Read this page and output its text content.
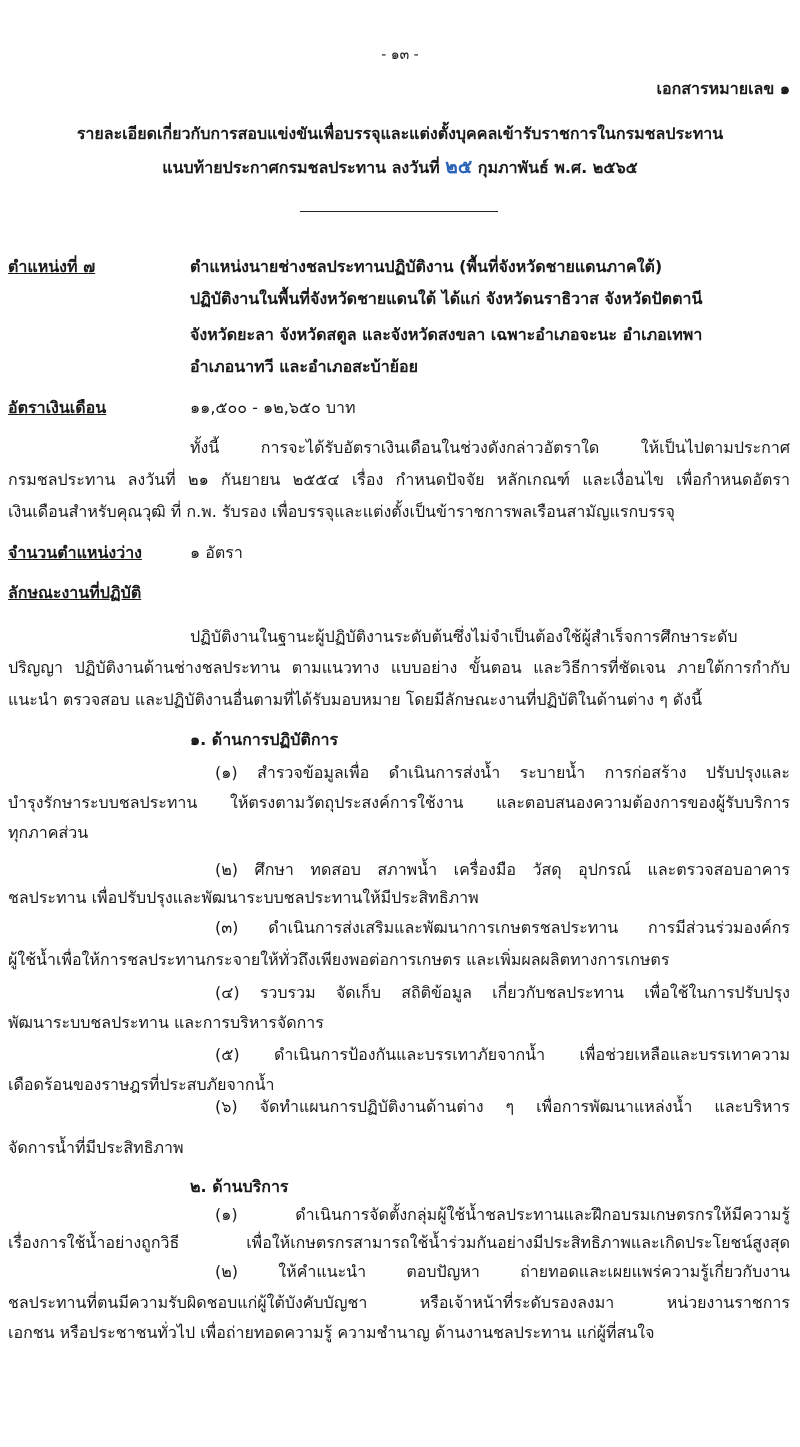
- ๑๓ -
เอกสารหมายเลข ๑
รายละเอียดเกี่ยวกับการสอบแข่งขันเพื่อบรรจุและแต่งตั้งบุคคลเข้ารับราชการในกรมชลประทาน
แนบท้ายประกาศกรมชลประทาน ลงวันที่ ๒๕ กุมภาพันธ์ พ.ศ. ๒๕๖๕
ตำแหน่งที่ ๗	ตำแหน่งนายช่างชลประทานปฏิบัติงาน (พื้นที่จังหวัดชายแดนภาคใต้)
ปฏิบัติงานในพื้นที่จังหวัดชายแดนใต้ ได้แก่ จังหวัดนราธิวาส จังหวัดปัตตานี
จังหวัดยะลา จังหวัดสตูล และจังหวัดสงขลา เฉพาะอำเภอจะนะ อำเภอเทพา
อำเภอนาทวี และอำเภอสะบ้าย้อย
อัตราเงินเดือน	๑๑,๕๐๐ - ๑๒,๖๕๐ บาท
ทั้งนี้ การจะได้รับอัตราเงินเดือนในช่วงดังกล่าวอัตราใด ให้เป็นไปตามประกาศ
กรมชลประทาน ลงวันที่ ๒๑ กันยายน ๒๕๕๔ เรื่อง กำหนดปัจจัย หลักเกณฑ์ และเงื่อนไข เพื่อกำหนดอัตรา
เงินเดือนสำหรับคุณวุฒิ ที่ ก.พ. รับรอง เพื่อบรรจุและแต่งตั้งเป็นข้าราชการพลเรือนสามัญแรกบรรจุ
จำนวนตำแหน่งว่าง	๑ อัตรา
ลักษณะงานที่ปฏิบัติ
ปฏิบัติงานในฐานะผู้ปฏิบัติงานระดับต้นซึ่งไม่จำเป็นต้องใช้ผู้สำเร็จการศึกษาระดับ
ปริญญา ปฏิบัติงานด้านช่างชลประทาน ตามแนวทาง แบบอย่าง ขั้นตอน และวิธีการที่ชัดเจน ภายใต้การกำกับ
แนะนำ ตรวจสอบ และปฏิบัติงานอื่นตามที่ได้รับมอบหมาย โดยมีลักษณะงานที่ปฏิบัติในด้านต่าง ๆ ดังนี้
๑. ด้านการปฏิบัติการ
(๑) สำรวจข้อมูลเพื่อ ดำเนินการส่งน้ำ ระบายน้ำ การก่อสร้าง ปรับปรุงและ
บำรุงรักษาระบบชลประทาน ให้ตรงตามวัตถุประสงค์การใช้งาน และตอบสนองความต้องการของผู้รับบริการ
ทุกภาคส่วน
(๒) ศึกษา ทดสอบ สภาพน้ำ เครื่องมือ วัสดุ อุปกรณ์ และตรวจสอบอาคาร
ชลประทาน เพื่อปรับปรุงและพัฒนาระบบชลประทานให้มีประสิทธิภาพ
(๓) ดำเนินการส่งเสริมและพัฒนาการเกษตรชลประทาน การมีส่วนร่วมองค์กร
ผู้ใช้น้ำเพื่อให้การชลประทานกระจายให้ทั่วถึงเพียงพอต่อการเกษตร และเพิ่มผลผลิตทางการเกษตร
(๔) รวบรวม จัดเก็บ สถิติข้อมูล เกี่ยวกับชลประทาน เพื่อใช้ในการปรับปรุง
พัฒนาระบบชลประทาน และการบริหารจัดการ
(๕) ดำเนินการป้องกันและบรรเทาภัยจากน้ำ เพื่อช่วยเหลือและบรรเทาความ
เดือดร้อนของราษฎรที่ประสบภัยจากน้ำ
(๖) จัดทำแผนการปฏิบัติงานด้านต่าง ๆ เพื่อการพัฒนาแหล่งน้ำ และบริหาร
จัดการน้ำที่มีประสิทธิภาพ
๒. ด้านบริการ
(๑) ดำเนินการจัดตั้งกลุ่มผู้ใช้น้ำชลประทานและฝึกอบรมเกษตรกรให้มีความรู้
เรื่องการใช้น้ำอย่างถูกวิธี เพื่อให้เกษตรกรสามารถใช้น้ำร่วมกันอย่างมีประสิทธิภาพและเกิดประโยชน์สูงสุด
(๒) ให้คำแนะนำ ตอบปัญหา ถ่ายทอดและเผยแพร่ความรู้เกี่ยวกับงาน
ชลประทานที่ตนมีความรับผิดชอบแก่ผู้ใต้บังคับบัญชา หรือเจ้าหน้าที่ระดับรองลงมา หน่วยงานราชการ
เอกชน หรือประชาชนทั่วไป เพื่อถ่ายทอดความรู้ ความชำนาญ ด้านงานชลประทาน แก่ผู้ที่สนใจ
